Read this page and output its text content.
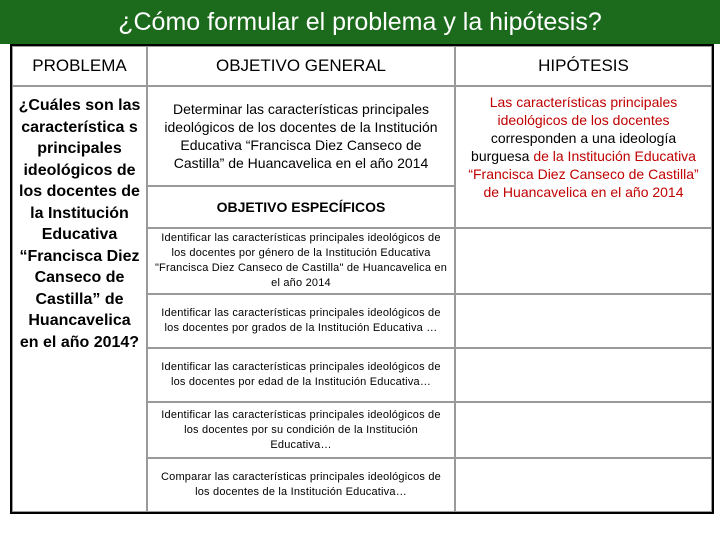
¿Cómo formular el problema y la hipótesis?
PROBLEMA	OBJETIVO GENERAL	HIPÓTESIS
¿Cuáles son las característica s principales ideológicos de los docentes de la Institución Educativa “Francisca Diez Canseco de Castilla” de Huancavelica en el año 2014?
Determinar las características principales ideológicos de los docentes de la Institución Educativa “Francisca Diez Canseco de Castilla” de Huancavelica en el año 2014
Las características principales ideológicos de los docentes corresponden a una ideología burguesa de la Institución Educativa “Francisca Diez Canseco de Castilla” de Huancavelica en el año 2014
OBJETIVO ESPECÍFICOS
Identificar las características principales ideológicos de los docentes por género de la Institución Educativa "Francisca Diez Canseco de Castilla" de Huancavelica en el año 2014
Identificar las características principales ideológicos de los docentes por grados de la Institución Educativa …
Identificar las características principales ideológicos de los docentes por edad de la Institución Educativa…
Identificar las características principales ideológicos de los docentes por su condición de la Institución Educativa…
Comparar las características principales ideológicos de los docentes de la Institución Educativa…
